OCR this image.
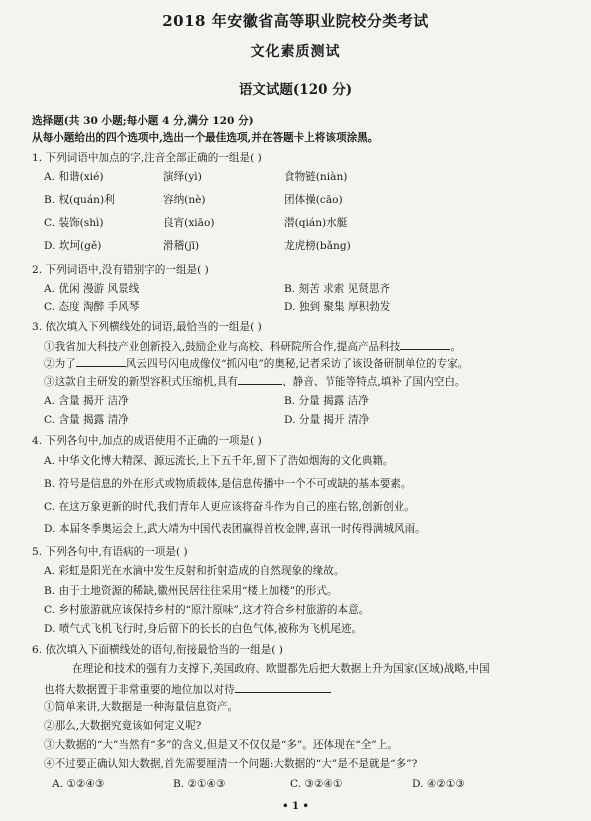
2018 年安徽省高等职业院校分类考试
文化素质测试
语文试题(120 分)
选择题(共 30 小题;每小题 4 分,满分 120 分)
从每小题给出的四个选项中,选出一个最佳选项,并在答题卡上将该项涂黑。
1. 下列词语中加点的字,注音全部正确的一组是( )
A. 和谐(xié)	演绎(yì)	食物链(niàn)
B. 权(quán)利	容纳(nè)	团体操(cāo)
C. 装饰(shì)	良宵(xiāo)	潜(qián)水艇
D. 坎坷(gě)	滑稽(jī)	龙虎榜(bǎng)
2. 下列词语中,没有错别字的一组是( )
A. 优闲 漫游 风景线	B. 刻苦 求索 见贤思齐
C. 态度 淘醉 手风琴	D. 独到 聚集 厚积勃发
3. 依次填入下列横线处的词语,最恰当的一组是( )
①我省加大科技产业创新投入,鼓励企业与高校、科研院所合作,提高产品科技	。
②为了	风云四号闪电成像仪“抓闪电”的奥秘,记者采访了该设备研制单位的专家。
③这款自主研发的新型容积式压缩机,具有	、静音、节能等特点,填补了国内空白。
A. 含量 揭开 洁净	B. 分量 揭露 洁净
C. 含量 揭露 清净	D. 分量 揭开 清净
4. 下列各句中,加点的成语使用不正确的一项是( )
A. 中华文化博大精深、源远流长,上下五千年,留下了浩如烟海的文化典籍。
B. 符号是信息的外在形式或物质载体,是信息传播中一个不可或缺的基本要素。
C. 在这万象更新的时代,我们青年人更应该将奋斗作为自己的座右铭,创新创业。
D. 本届冬季奥运会上,武大靖为中国代表团赢得首枚金牌,喜讯一时传得满城风雨。
5. 下列各句中,有语病的一项是( )
A. 彩虹是阳光在水滴中发生反射和折射造成的自然现象的缘故。
B. 由于土地资源的稀缺,徽州民居往往采用“楼上加楼”的形式。
C. 乡村旅游就应该保持乡村的“原汁原味”,这才符合乡村旅游的本意。
D. 喷气式飞机飞行时,身后留下的长长的白色气体,被称为飞机尾迹。
6. 依次填入下面横线处的语句,衔接最恰当的一组是( )
在理论和技术的强有力支撑下,美国政府、欧盟都先后把大数据上升为国家(区域)战略,中国
也将大数据置于非常重要的地位加以对待
①简单来讲,大数据是一种海量信息资产。
②那么,大数据究竟该如何定义呢?
③大数据的“大”当然有“多”的含义,但是又不仅仅是“多”。还体现在“全”上。
④不过要正确认知大数据,首先需要厘清一个问题:大数据的“大”是不是就是“多”?
A. ①②④③	B. ②①④③	C. ③②④①	D. ④②①③
• 1 •
